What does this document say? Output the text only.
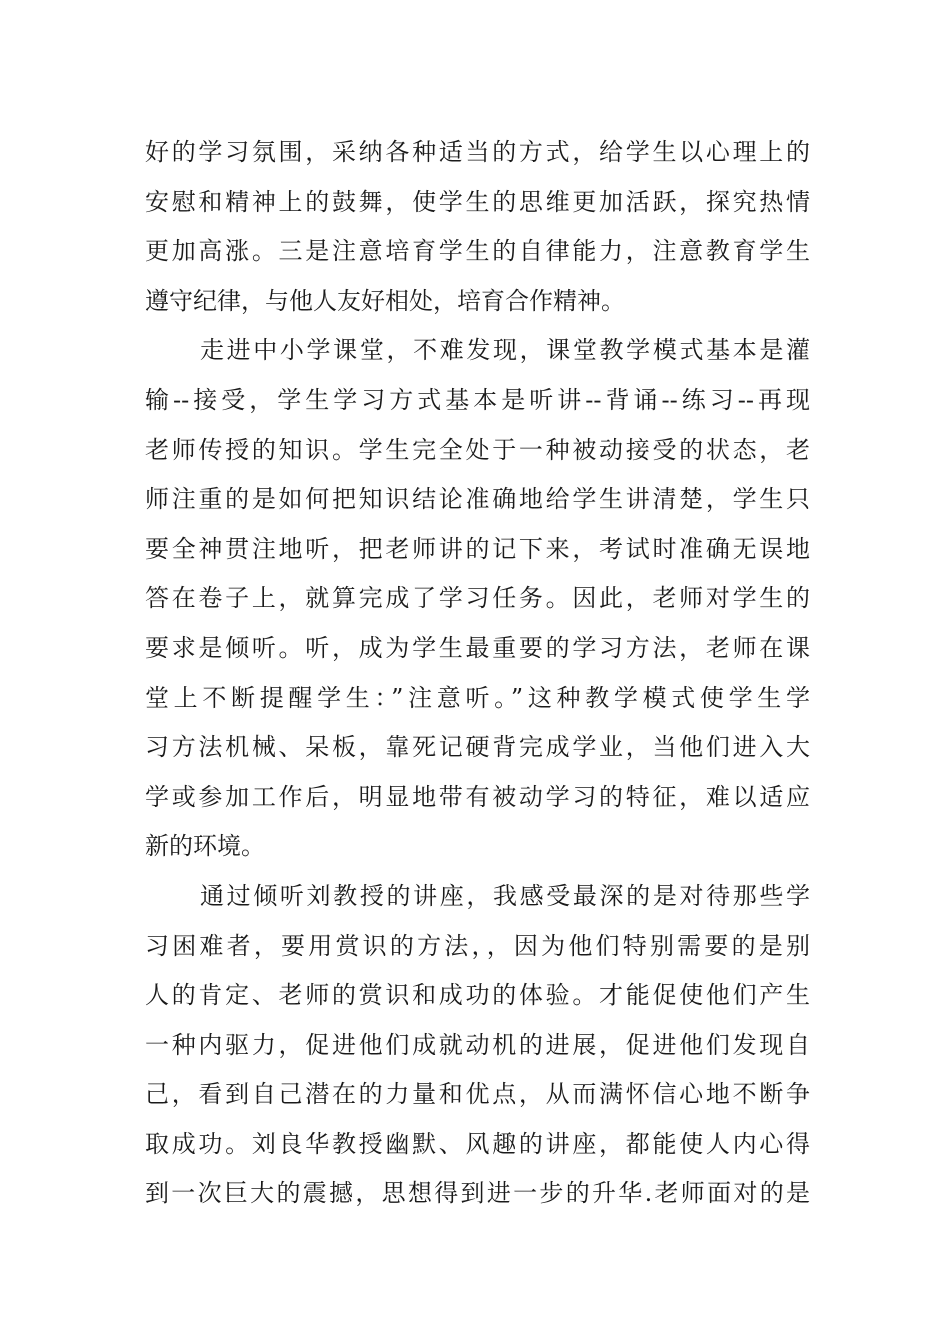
好的学习氛围，采纳各种适当的方式，给学生以心理上的
安慰和精神上的鼓舞，使学生的思维更加活跃，探究热情
更加高涨。三是注意培育学生的自律能力，注意教育学生
遵守纪律，与他人友好相处，培育合作精神。
走进中小学课堂，不难发现，课堂教学模式基本是灌
输--接受，学生学习方式基本是听讲--背诵--练习--再现
老师传授的知识。学生完全处于一种被动接受的状态，老
师注重的是如何把知识结论准确地给学生讲清楚，学生只
要全神贯注地听，把老师讲的记下来，考试时准确无误地
答在卷子上，就算完成了学习任务。因此，老师对学生的
要求是倾听。听，成为学生最重要的学习方法，老师在课
堂上不断提醒学生：”注意听。”这种教学模式使学生学
习方法机械、呆板，靠死记硬背完成学业，当他们进入大
学或参加工作后，明显地带有被动学习的特征，难以适应
新的环境。
通过倾听刘教授的讲座，我感受最深的是对待那些学
习困难者，要用赏识的方法，，因为他们特别需要的是别
人的肯定、老师的赏识和成功的体验。才能促使他们产生
一种内驱力，促进他们成就动机的进展，促进他们发现自
己，看到自己潜在的力量和优点，从而满怀信心地不断争
取成功。刘良华教授幽默、风趣的讲座，都能使人内心得
到一次巨大的震撼，思想得到进一步的升华.老师面对的是
